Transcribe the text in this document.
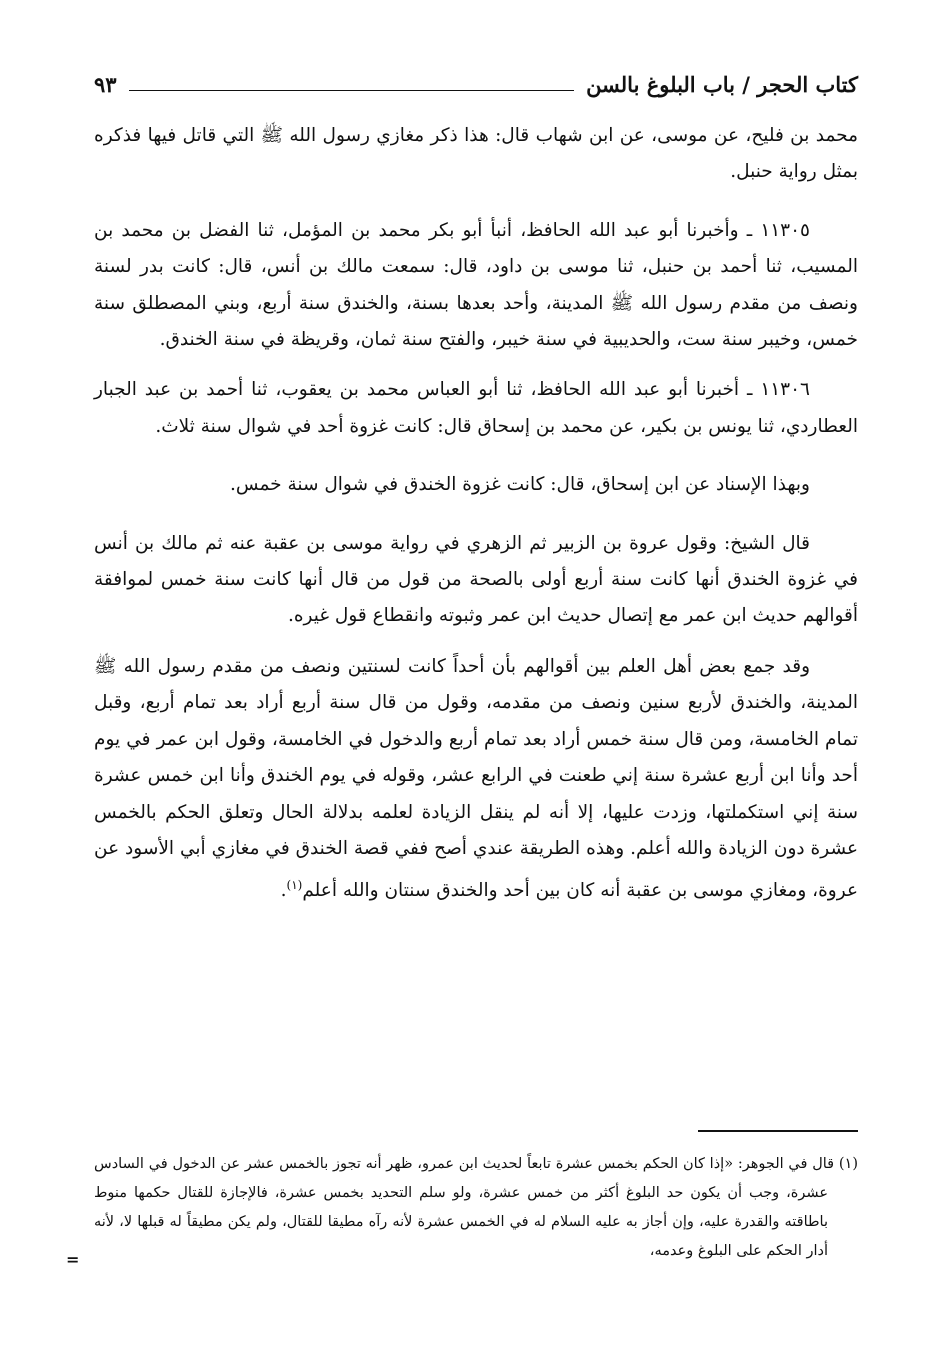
كتاب الحجر / باب البلوغ بالسن
٩٣

محمد بن فليح، عن موسى، عن ابن شهاب قال: هذا ذكر مغازي رسول الله ﷺ التي قاتل فيها فذكره بمثل رواية حنبل.

١١٣٠٥ ـ وأخبرنا أبو عبد الله الحافظ، أنبأ أبو بكر محمد بن المؤمل، ثنا الفضل بن محمد بن المسيب، ثنا أحمد بن حنبل، ثنا موسى بن داود، قال: سمعت مالك بن أنس، قال: كانت بدر لسنة ونصف من مقدم رسول الله ﷺ المدينة، وأحد بعدها بسنة، والخندق سنة أربع، وبني المصطلق سنة خمس، وخيبر سنة ست، والحديبية في سنة خيبر، والفتح سنة ثمان، وقريظة في سنة الخندق.

١١٣٠٦ ـ أخبرنا أبو عبد الله الحافظ، ثنا أبو العباس محمد بن يعقوب، ثنا أحمد بن عبد الجبار العطاردي، ثنا يونس بن بكير، عن محمد بن إسحاق قال: كانت غزوة أحد في شوال سنة ثلاث.

وبهذا الإسناد عن ابن إسحاق، قال: كانت غزوة الخندق في شوال سنة خمس.

قال الشيخ: وقول عروة بن الزبير ثم الزهري في رواية موسى بن عقبة عنه ثم مالك بن أنس في غزوة الخندق أنها كانت سنة أربع أولى بالصحة من قول من قال أنها كانت سنة خمس لموافقة أقوالهم حديث ابن عمر مع إتصال حديث ابن عمر وثبوته وانقطاع قول غيره.

وقد جمع بعض أهل العلم بين أقوالهم بأن أحداً كانت لسنتين ونصف من مقدم رسول الله ﷺ المدينة، والخندق لأربع سنين ونصف من مقدمه، وقول من قال سنة أربع أراد بعد تمام أربع، وقبل تمام الخامسة، ومن قال سنة خمس أراد بعد تمام أربع والدخول في الخامسة، وقول ابن عمر في يوم أحد وأنا ابن أربع عشرة سنة إني طعنت في الرابع عشر، وقوله في يوم الخندق وأنا ابن خمس عشرة سنة إني استكملتها، وزدت عليها، إلا أنه لم ينقل الزيادة لعلمه بدلالة الحال وتعلق الحكم بالخمس عشرة دون الزيادة والله أعلم. وهذه الطريقة عندي أصح ففي قصة الخندق في مغازي أبي الأسود عن عروة، ومغازي موسى بن عقبة أنه كان بين أحد والخندق سنتان والله أعلم$^{(١)}$.

(١) قال في الجوهر: «إذا كان الحكم بخمس عشرة تابعاً لحديث ابن عمرو، ظهر أنه تجوز بالخمس عشر عن الدخول في السادس عشرة، وجب أن يكون حد البلوغ أكثر من خمس عشرة، ولو سلم التحديد بخمس عشرة، فالإجازة للقتال حكمها منوط باطاقته والقدرة عليه، وإن أجاز به عليه السلام له في الخمس عشرة لأنه رآه مطيقا للقتال، ولم يكن مطيقاً له قبلها لا، لأنه أدار الحكم على البلوغ وعدمه،

=
